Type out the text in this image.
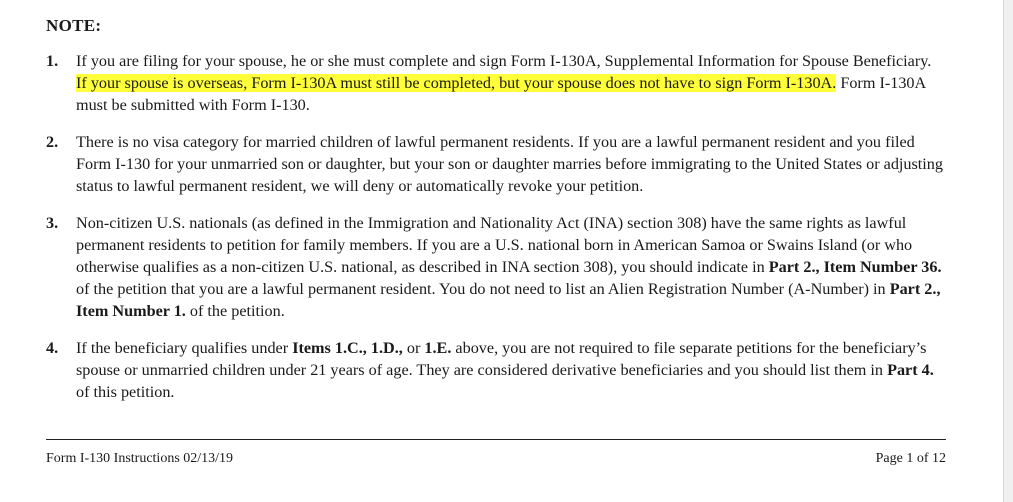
NOTE:
1. If you are filing for your spouse, he or she must complete and sign Form I-130A, Supplemental Information for Spouse Beneficiary. If your spouse is overseas, Form I-130A must still be completed, but your spouse does not have to sign Form I-130A. Form I-130A must be submitted with Form I-130.
2. There is no visa category for married children of lawful permanent residents. If you are a lawful permanent resident and you filed Form I-130 for your unmarried son or daughter, but your son or daughter marries before immigrating to the United States or adjusting status to lawful permanent resident, we will deny or automatically revoke your petition.
3. Non-citizen U.S. nationals (as defined in the Immigration and Nationality Act (INA) section 308) have the same rights as lawful permanent residents to petition for family members. If you are a U.S. national born in American Samoa or Swains Island (or who otherwise qualifies as a non-citizen U.S. national, as described in INA section 308), you should indicate in Part 2., Item Number 36. of the petition that you are a lawful permanent resident. You do not need to list an Alien Registration Number (A-Number) in Part 2., Item Number 1. of the petition.
4. If the beneficiary qualifies under Items 1.C., 1.D., or 1.E. above, you are not required to file separate petitions for the beneficiary’s spouse or unmarried children under 21 years of age. They are considered derivative beneficiaries and you should list them in Part 4. of this petition.
Form I-130 Instructions 02/13/19	Page 1 of 12
